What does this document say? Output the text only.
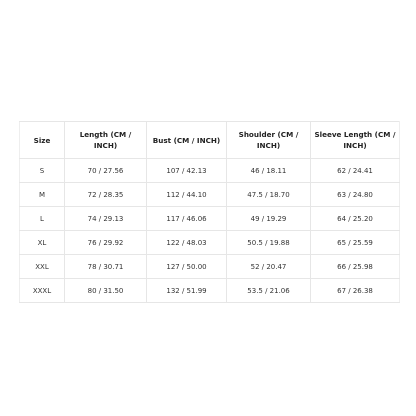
Size	Length (CM / INCH)	Bust (CM / INCH)	Shoulder (CM / INCH)	Sleeve Length (CM / INCH)
S	70 / 27.56	107 / 42.13	46 / 18.11	62 / 24.41
M	72 / 28.35	112 / 44.10	47.5 / 18.70	63 / 24.80
L	74 / 29.13	117 / 46.06	49 / 19.29	64 / 25.20
XL	76 / 29.92	122 / 48.03	50.5 / 19.88	65 / 25.59
XXL	78 / 30.71	127 / 50.00	52 / 20.47	66 / 25.98
XXXL	80 / 31.50	132 / 51.99	53.5 / 21.06	67 / 26.38
